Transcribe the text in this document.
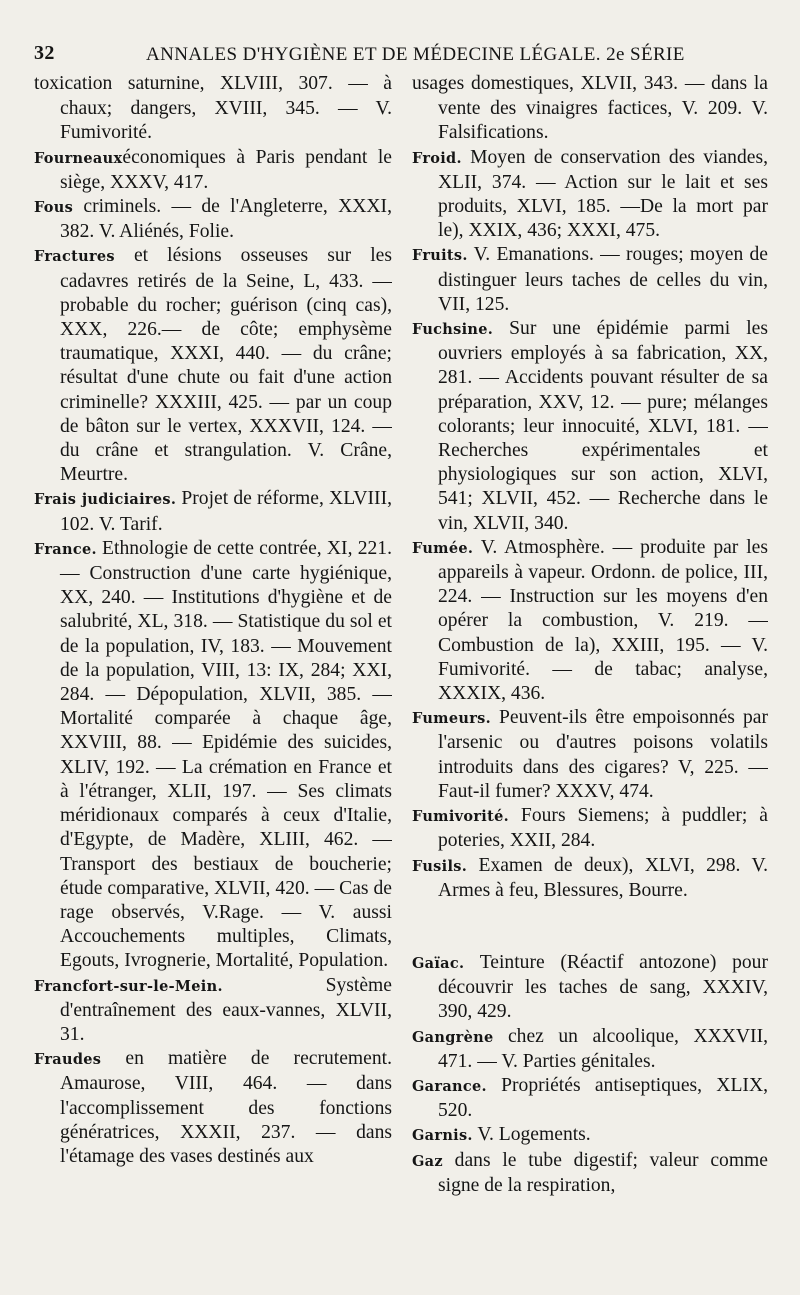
32	ANNALES D'HYGIÈNE ET DE MÉDECINE LÉGALE. 2e SÉRIE

toxication saturnine, XLVIII, 307. — à chaux; dangers, XVIII, 345. — V. Fumivorité.

Fourneauxéconomiques à Paris pendant le siège, XXXV, 417.

Fous criminels. — de l'Angleterre, XXXI, 382. V. Aliénés, Folie.

Fractures et lésions osseuses sur les cadavres retirés de la Seine, L, 433. — probable du rocher; guérison (cinq cas), XXX, 226.— de côte; emphysème traumatique, XXXI, 440. — du crâne; résultat d'une chute ou fait d'une action criminelle? XXXIII, 425. — par un coup de bâton sur le vertex, XXXVII, 124. — du crâne et strangulation. V. Crâne, Meurtre.

Frais judiciaires. Projet de réforme, XLVIII, 102. V. Tarif.

France. Ethnologie de cette contrée, XI, 221. — Construction d'une carte hygiénique, XX, 240. — Institutions d'hygiène et de salubrité, XL, 318. — Statistique du sol et de la population, IV, 183. — Mouvement de la population, VIII, 13: IX, 284; XXI, 284. — Dépopulation, XLVII, 385. — Mortalité comparée à chaque âge, XXVIII, 88. — Epidémie des suicides, XLIV, 192. — La crémation en France et à l'étranger, XLII, 197. — Ses climats méridionaux comparés à ceux d'Italie, d'Egypte, de Madère, XLIII, 462. — Transport des bestiaux de boucherie; étude comparative, XLVII, 420. — Cas de rage observés, V.Rage. — V. aussi Accouchements multiples, Climats, Egouts, Ivrognerie, Mortalité, Population.

Francfort-sur-le-Mein. Système d'entraînement des eaux-vannes, XLVII, 31.

Fraudes en matière de recrutement. Amaurose, VIII, 464. — dans l'accomplissement des fonctions génératrices, XXXII, 237. — dans l'étamage des vases destinés aux

usages domestiques, XLVII, 343. — dans la vente des vinaigres factices, V. 209. V. Falsifications.

Froid. Moyen de conservation des viandes, XLII, 374. — Action sur le lait et ses produits, XLVI, 185. —De la mort par le), XXIX, 436; XXXI, 475.

Fruits. V. Emanations. — rouges; moyen de distinguer leurs taches de celles du vin, VII, 125.

Fuchsine. Sur une épidémie parmi les ouvriers employés à sa fabrication, XX, 281. — Accidents pouvant résulter de sa préparation, XXV, 12. — pure; mélanges colorants; leur innocuité, XLVI, 181. — Recherches expérimentales et physiologiques sur son action, XLVI, 541; XLVII, 452. — Recherche dans le vin, XLVII, 340.

Fumée. V. Atmosphère. — produite par les appareils à vapeur. Ordonn. de police, III, 224. — Instruction sur les moyens d'en opérer la combustion, V. 219. — Combustion de la), XXIII, 195. — V. Fumivorité. — de tabac; analyse, XXXIX, 436.

Fumeurs. Peuvent-ils être empoisonnés par l'arsenic ou d'autres poisons volatils introduits dans des cigares? V, 225. — Faut-il fumer? XXXV, 474.

Fumivorité. Fours Siemens; à puddler; à poteries, XXII, 284.

Fusils. Examen de deux), XLVI, 298. V. Armes à feu, Blessures, Bourre.

Gaïac. Teinture (Réactif antozone) pour découvrir les taches de sang, XXXIV, 390, 429.

Gangrène chez un alcoolique, XXXVII, 471. — V. Parties génitales.

Garance. Propriétés antiseptiques, XLIX, 520.

Garnis. V. Logements.

Gaz dans le tube digestif; valeur comme signe de la respiration,
